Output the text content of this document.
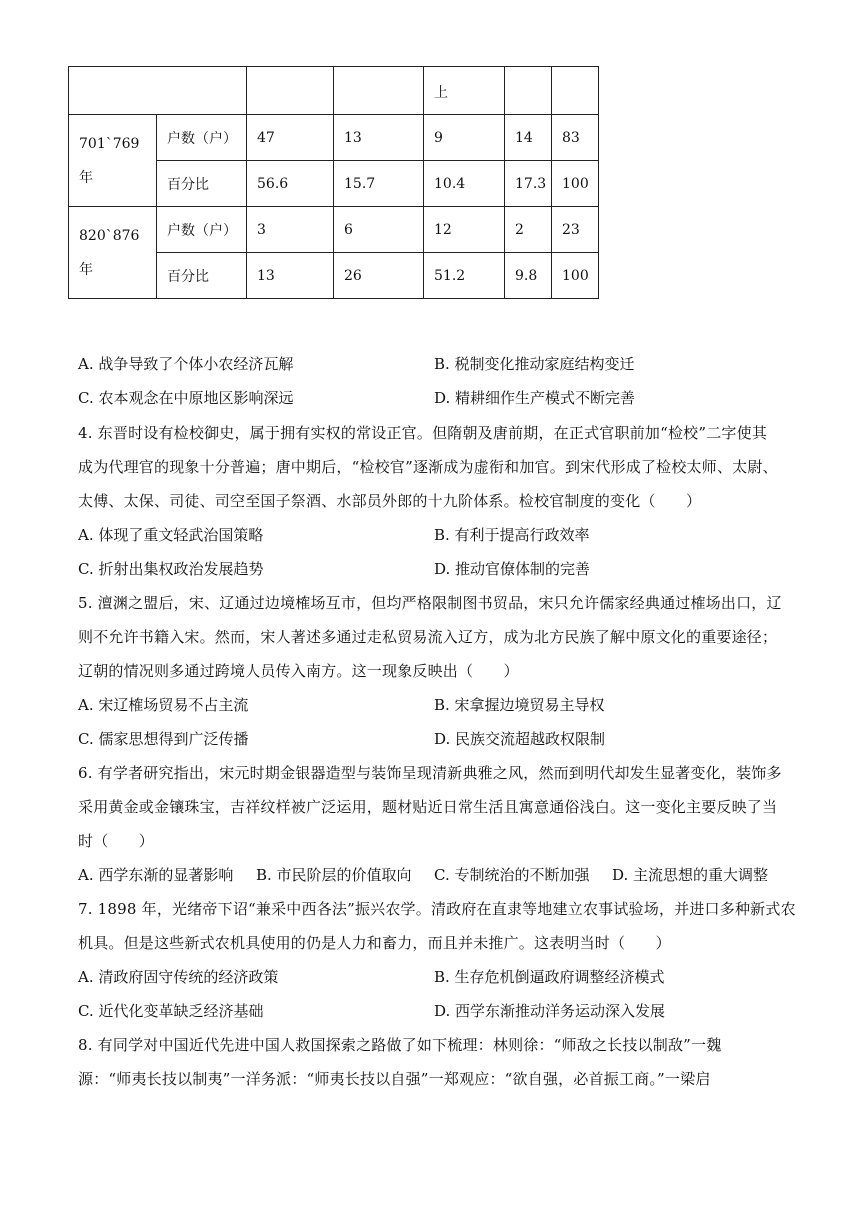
				上		
701`769 年	户数（户）	47	13	9	14	83
	百分比	56.6	15.7	10.4	17.3	100
820`876 年	户数（户）	3	6	12	2	23
	百分比	13	26	51.2	9.8	100
A. 战争导致了个体小农经济瓦解	B. 税制变化推动家庭结构变迁
C. 农本观念在中原地区影响深远	D. 精耕细作生产模式不断完善
4. 东晋时设有检校御史，属于拥有实权的常设正官。但隋朝及唐前期，在正式官职前加“检校”二字使其
成为代理官的现象十分普遍；唐中期后，“检校官”逐渐成为虚衔和加官。到宋代形成了检校太师、太尉、
太傅、太保、司徒、司空至国子祭酒、水部员外郎的十九阶体系。检校官制度的变化（　　）
A. 体现了重文轻武治国策略	B. 有利于提高行政效率
C. 折射出集权政治发展趋势	D. 推动官僚体制的完善
5. 澶渊之盟后，宋、辽通过边境榷场互市，但均严格限制图书贸品，宋只允许儒家经典通过榷场出口，辽
则不允许书籍入宋。然而，宋人著述多通过走私贸易流入辽方，成为北方民族了解中原文化的重要途径；
辽朝的情况则多通过跨境人员传入南方。这一现象反映出（　　）
A. 宋辽榷场贸易不占主流	B. 宋拿握边境贸易主导权
C. 儒家思想得到广泛传播	D. 民族交流超越政权限制
6. 有学者研究指出，宋元时期金银器造型与装饰呈现清新典雅之风，然而到明代却发生显著变化，装饰多
采用黄金或金镶珠宝，吉祥纹样被广泛运用，题材贴近日常生活且寓意通俗浅白。这一变化主要反映了当
时（　　）
A. 西学东渐的显著影响 B. 市民阶层的价值取向 C. 专制统治的不断加强 D. 主流思想的重大调整
7. 1898 年，光绪帝下诏“兼采中西各法”振兴农学。清政府在直隶等地建立农事试验场，并进口多种新式农
机具。但是这些新式农机具使用的仍是人力和畜力，而且并未推广。这表明当时（　　）
A. 清政府固守传统的经济政策	B. 生存危机倒逼政府调整经济模式
C. 近代化变革缺乏经济基础	D. 西学东渐推动洋务运动深入发展
8. 有同学对中国近代先进中国人救国探索之路做了如下梳理：林则徐：“师敌之长技以制敌”一魏
源：“师夷长技以制夷”一洋务派：“师夷长技以自强”一郑观应：“欲自强，必首振工商。”一梁启
